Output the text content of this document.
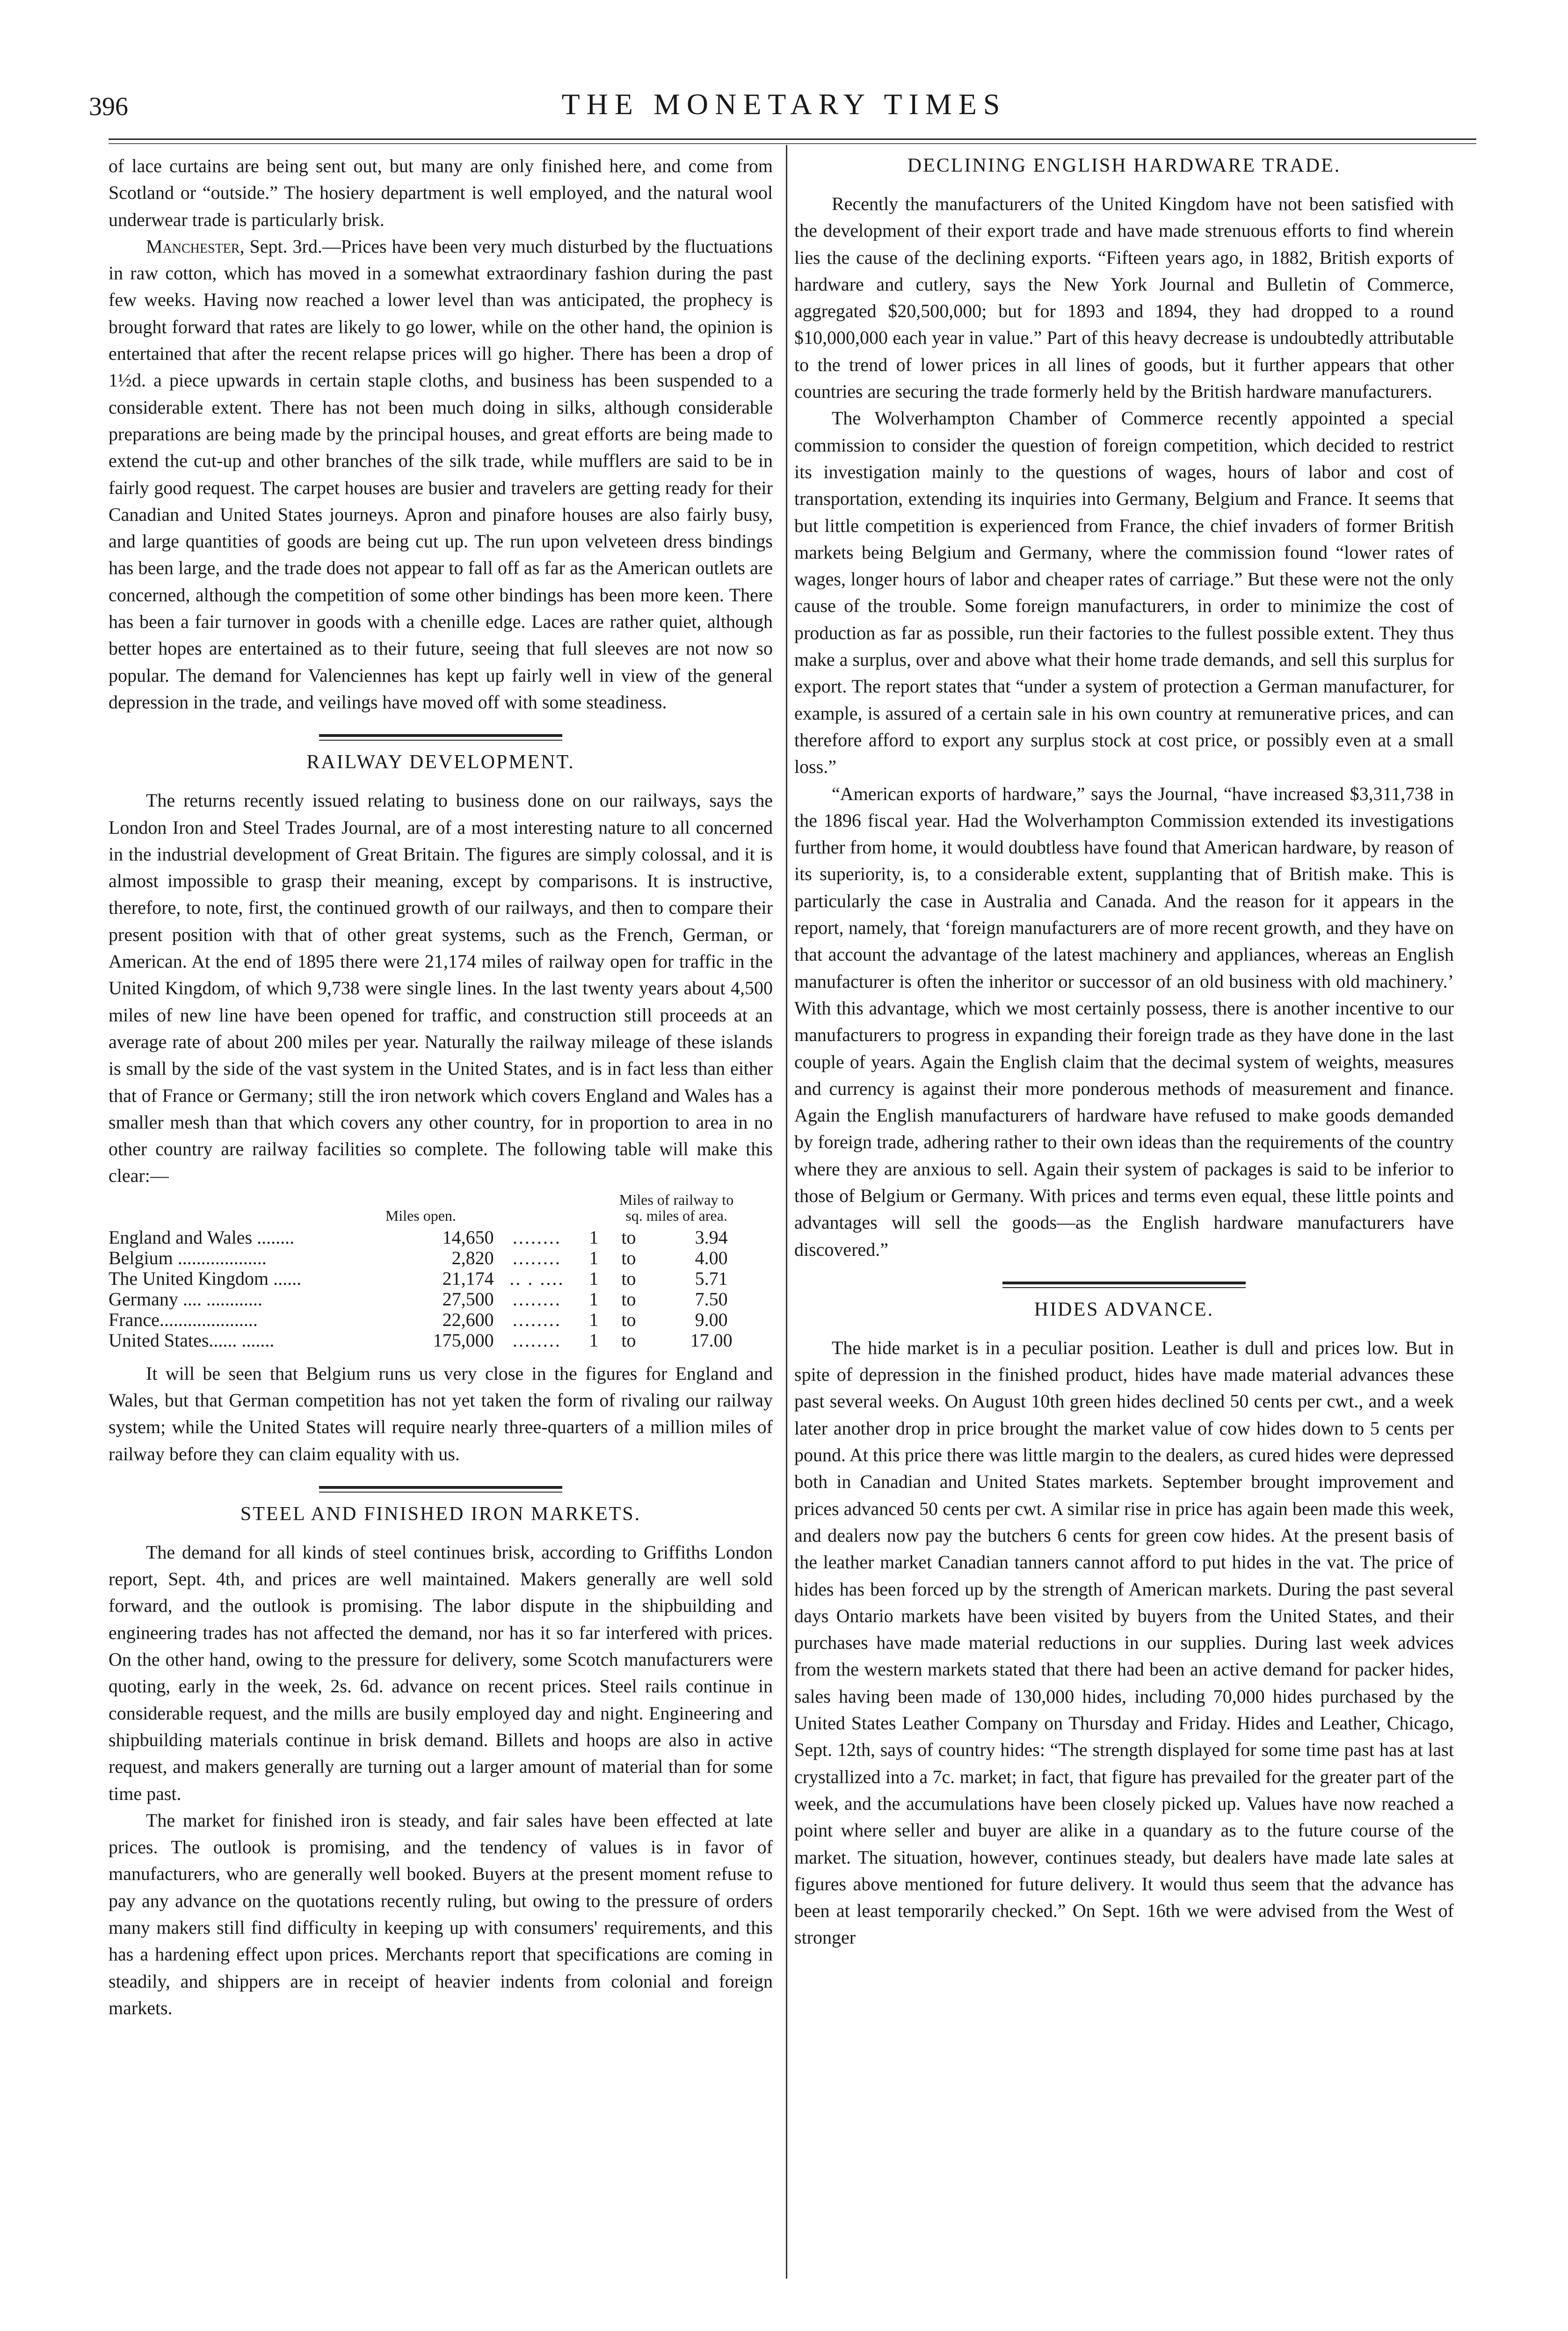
396	THE MONETARY TIMES

of lace curtains are being sent out, but many are only finished here, and come from Scotland or “outside.” The hosiery department is well employed, and the natural wool underwear trade is particularly brisk.

Manchester, Sept. 3rd.—Prices have been very much disturbed by the fluctuations in raw cotton, which has moved in a somewhat extraordinary fashion during the past few weeks. Having now reached a lower level than was anticipated, the prophecy is brought forward that rates are likely to go lower, while on the other hand, the opinion is entertained that after the recent relapse prices will go higher. There has been a drop of 1½d. a piece upwards in certain staple cloths, and business has been suspended to a considerable extent. There has not been much doing in silks, although considerable preparations are being made by the principal houses, and great efforts are being made to extend the cut-up and other branches of the silk trade, while mufflers are said to be in fairly good request. The carpet houses are busier and travelers are getting ready for their Canadian and United States journeys. Apron and pinafore houses are also fairly busy, and large quantities of goods are being cut up. The run upon velveteen dress bindings has been large, and the trade does not appear to fall off as far as the American outlets are concerned, although the competition of some other bindings has been more keen. There has been a fair turnover in goods with a chenille edge. Laces are rather quiet, although better hopes are entertained as to their future, seeing that full sleeves are not now so popular. The demand for Valenciennes has kept up fairly well in view of the general depression in the trade, and veilings have moved off with some steadiness.

RAILWAY DEVELOPMENT.

The returns recently issued relating to business done on our railways, says the London Iron and Steel Trades Journal, are of a most interesting nature to all concerned in the industrial development of Great Britain. The figures are simply colossal, and it is almost impossible to grasp their meaning, except by comparisons. It is instructive, therefore, to note, first, the continued growth of our railways, and then to compare their present position with that of other great systems, such as the French, German, or American. At the end of 1895 there were 21,174 miles of railway open for traffic in the United Kingdom, of which 9,738 were single lines. In the last twenty years about 4,500 miles of new line have been opened for traffic, and construction still proceeds at an average rate of about 200 miles per year. Naturally the railway mileage of these islands is small by the side of the vast system in the United States, and is in fact less than either that of France or Germany; still the iron network which covers England and Wales has a smaller mesh than that which covers any other country, for in proportion to area in no other country are railway facilities so complete. The following table will make this clear:—

	Miles open.		Miles of railway to
sq. miles of area.		
England and Wales ........	14,650	........	1	to	3.94
Belgium ...................	2,820	........	1	to	4.00
The United Kingdom ......	21,174	.. . ....	1	to	5.71
Germany .... ............	27,500	........	1	to	7.50
France.....................	22,600	........	1	to	9.00
United States...... .......	175,000	........	1	to	17.00

It will be seen that Belgium runs us very close in the figures for England and Wales, but that German competition has not yet taken the form of rivaling our railway system; while the United States will require nearly three-quarters of a million miles of railway before they can claim equality with us.

STEEL AND FINISHED IRON MARKETS.

The demand for all kinds of steel continues brisk, according to Griffiths London report, Sept. 4th, and prices are well maintained. Makers generally are well sold forward, and the outlook is promising. The labor dispute in the shipbuilding and engineering trades has not affected the demand, nor has it so far interfered with prices. On the other hand, owing to the pressure for delivery, some Scotch manufacturers were quoting, early in the week, 2s. 6d. advance on recent prices. Steel rails continue in considerable request, and the mills are busily employed day and night. Engineering and shipbuilding materials continue in brisk demand. Billets and hoops are also in active request, and makers generally are turning out a larger amount of material than for some time past.

The market for finished iron is steady, and fair sales have been effected at late prices. The outlook is promising, and the tendency of values is in favor of manufacturers, who are generally well booked. Buyers at the present moment refuse to pay any advance on the quotations recently ruling, but owing to the pressure of orders many makers still find difficulty in keeping up with consumers' requirements, and this has a hardening effect upon prices. Merchants report that specifications are coming in steadily, and shippers are in receipt of heavier indents from colonial and foreign markets.

DECLINING ENGLISH HARDWARE TRADE.

Recently the manufacturers of the United Kingdom have not been satisfied with the development of their export trade and have made strenuous efforts to find wherein lies the cause of the declining exports. “Fifteen years ago, in 1882, British exports of hardware and cutlery, says the New York Journal and Bulletin of Commerce, aggregated $20,500,000; but for 1893 and 1894, they had dropped to a round $10,000,000 each year in value.” Part of this heavy decrease is undoubtedly attributable to the trend of lower prices in all lines of goods, but it further appears that other countries are securing the trade formerly held by the British hardware manufacturers.

The Wolverhampton Chamber of Commerce recently appointed a special commission to consider the question of foreign competition, which decided to restrict its investigation mainly to the questions of wages, hours of labor and cost of transportation, extending its inquiries into Germany, Belgium and France. It seems that but little competition is experienced from France, the chief invaders of former British markets being Belgium and Germany, where the commission found “lower rates of wages, longer hours of labor and cheaper rates of carriage.” But these were not the only cause of the trouble. Some foreign manufacturers, in order to minimize the cost of production as far as possible, run their factories to the fullest possible extent. They thus make a surplus, over and above what their home trade demands, and sell this surplus for export. The report states that “under a system of protection a German manufacturer, for example, is assured of a certain sale in his own country at remunerative prices, and can therefore afford to export any surplus stock at cost price, or possibly even at a small loss.”

“American exports of hardware,” says the Journal, “have increased $3,311,738 in the 1896 fiscal year. Had the Wolverhampton Commission extended its investigations further from home, it would doubtless have found that American hardware, by reason of its superiority, is, to a considerable extent, supplanting that of British make. This is particularly the case in Australia and Canada. And the reason for it appears in the report, namely, that ‘foreign manufacturers are of more recent growth, and they have on that account the advantage of the latest machinery and appliances, whereas an English manufacturer is often the inheritor or successor of an old business with old machinery.’ With this advantage, which we most certainly possess, there is another incentive to our manufacturers to progress in expanding their foreign trade as they have done in the last couple of years. Again the English claim that the decimal system of weights, measures and currency is against their more ponderous methods of measurement and finance. Again the English manufacturers of hardware have refused to make goods demanded by foreign trade, adhering rather to their own ideas than the requirements of the country where they are anxious to sell. Again their system of packages is said to be inferior to those of Belgium or Germany. With prices and terms even equal, these little points and advantages will sell the goods—as the English hardware manufacturers have discovered.”

HIDES ADVANCE.

The hide market is in a peculiar position. Leather is dull and prices low. But in spite of depression in the finished product, hides have made material advances these past several weeks. On August 10th green hides declined 50 cents per cwt., and a week later another drop in price brought the market value of cow hides down to 5 cents per pound. At this price there was little margin to the dealers, as cured hides were depressed both in Canadian and United States markets. September brought improvement and prices advanced 50 cents per cwt. A similar rise in price has again been made this week, and dealers now pay the butchers 6 cents for green cow hides. At the present basis of the leather market Canadian tanners cannot afford to put hides in the vat. The price of hides has been forced up by the strength of American markets. During the past several days Ontario markets have been visited by buyers from the United States, and their purchases have made material reductions in our supplies. During last week advices from the western markets stated that there had been an active demand for packer hides, sales having been made of 130,000 hides, including 70,000 hides purchased by the United States Leather Company on Thursday and Friday. Hides and Leather, Chicago, Sept. 12th, says of country hides: “The strength displayed for some time past has at last crystallized into a 7c. market; in fact, that figure has prevailed for the greater part of the week, and the accumulations have been closely picked up. Values have now reached a point where seller and buyer are alike in a quandary as to the future course of the market. The situation, however, continues steady, but dealers have made late sales at figures above mentioned for future delivery. It would thus seem that the advance has been at least temporarily checked.” On Sept. 16th we were advised from the West of stronger
